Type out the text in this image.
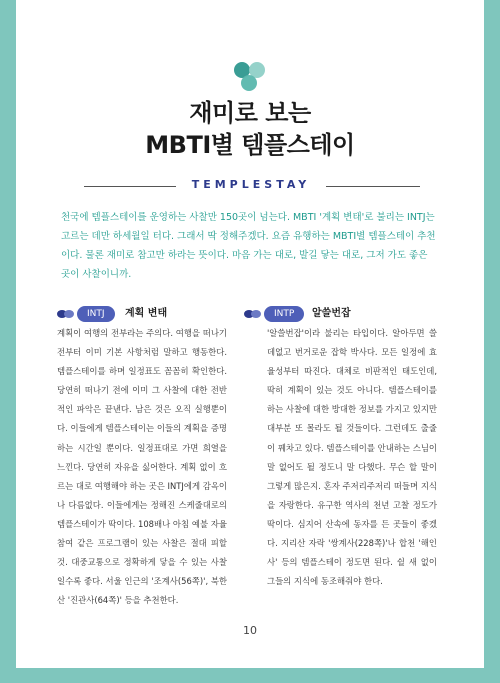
재미로 보는
MBTI별 템플스테이
TEMPLESTAY

천국에 템플스테이를 운영하는 사찰만 150곳이 넘는다. MBTI '계획 변태'로 불리는 INTJ는 고르는 데만 하세월일 터다. 그래서 딱 정해주겠다. 요즘 유행하는 MBTI별 템플스테이 추천이다. 물론 재미로 참고만 하라는 뜻이다. 마음 가는 대로, 발길 닿는 대로, 그저 가도 좋은 곳이 사찰이니까.

INTJ	계획 변태

계획이 여행의 전부라는 주의다. 여행을 떠나기 전부터 이미 기본 사항처럼 말하고 행동한다. 템플스테이를 하며 일정표도 꼼꼼히 확인한다. 당연히 떠나기 전에 이미 그 사찰에 대한 전반적인 파악은 끝낸다. 남은 것은 오직 실행뿐이다. 이들에게 템플스테이는 이들의 계획을 증명하는 시간일 뿐이다. 일정표대로 가면 희열을 느낀다. 당연히 자유을 싫어한다. 계획 없이 흐르는 대로 여행해야 하는 곳은 INTJ에게 감옥이나 다름없다. 이들에게는 정해진 스케줄대로의 템플스테이가 딱이다. 108배나 아침 예불 자율 참여 같은 프로그램이 있는 사찰은 절대 피할 것. 대중교통으로 정확하게 닿을 수 있는 사찰일수록 좋다. 서울 인근의 '조계사(56쪽)', 북한산 '진관사(64쪽)' 등을 추천한다.

INTP	알쓸번잡

'알쓸번잡'이라 불리는 타입이다. 알아두면 쓸데없고 번거로운 잡학 박사다. 모든 일정에 효율성부터 따진다. 대체로 비판적인 태도인데, 딱히 계획이 있는 것도 아니다. 템플스테이를 하는 사찰에 대한 방대한 정보를 가지고 있지만 대부분 또 몰라도 될 것들이다. 그런데도 출줄이 꿰차고 있다. 템플스테이를 안내하는 스님이 말 없어도 될 정도니 말 다했다. 무슨 할 말이 그렇게 많은지. 혼자 주저리주저리 떠들며 지식을 자랑한다. 유구한 역사의 천년 고찰 정도가 딱이다. 심지어 산속에 동자를 든 곳들이 좋겠다. 지리산 자락 '쌍계사(228쪽)'나 합천 '해인사' 등의 템플스테이 정도면 된다. 쉴 새 없이 그들의 지식에 동조해줘야 한다.

10
